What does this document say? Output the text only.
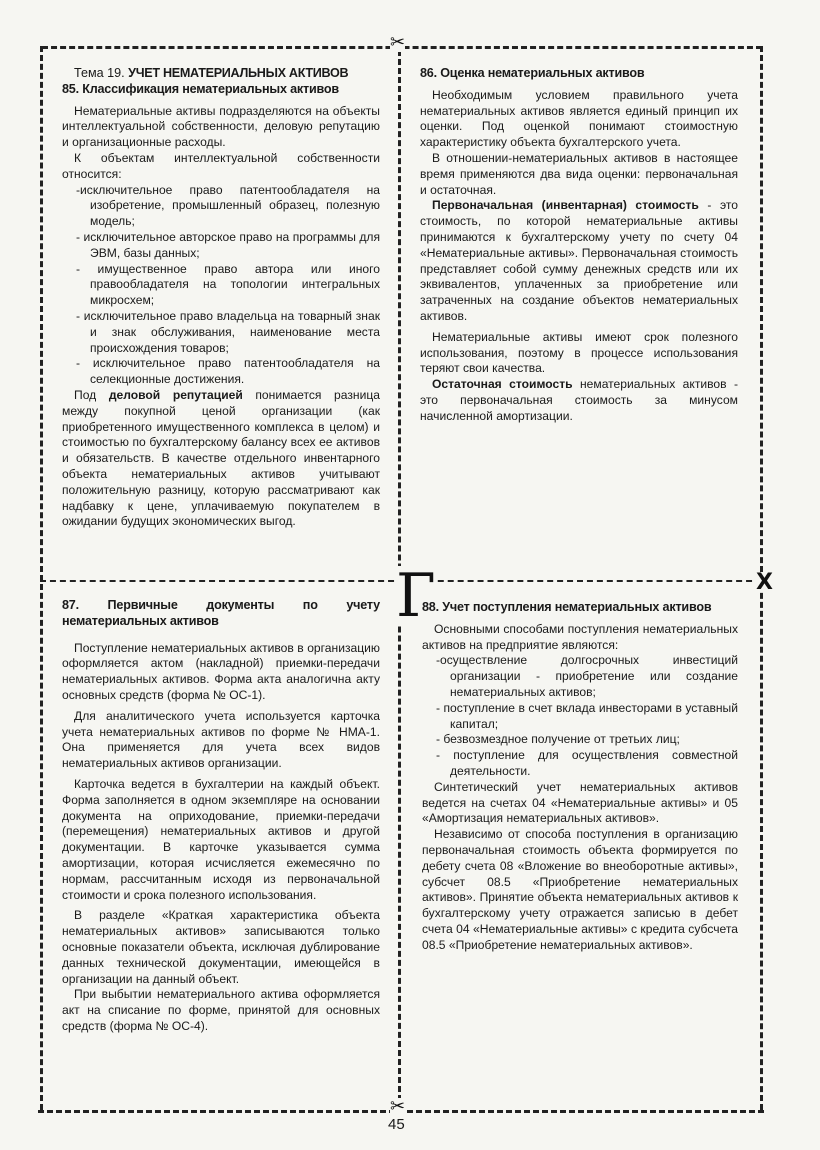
✂
✂
X
Г

Тема 19. УЧЕТ НЕМАТЕРИАЛЬНЫХ АКТИВОВ

85. Классификация нематериальных активов

Нематериальные активы подразделяются на объекты интеллектуальной собственности, деловую репутацию и организационные расходы.

К объектам интеллектуальной собственности относится:

-исключительное право патентообладателя на изобретение, промышленный образец, полезную модель;
- исключительное авторское право на программы для ЭВМ, базы данных;
- имущественное право автора или иного правообладателя на топологии интегральных микросхем;
- исключительное право владельца на товарный знак и знак обслуживания, наименование места происхождения товаров;
- исключительное право патентообладателя на селекционные достижения.

Под деловой репутацией понимается разница между покупной ценой организации (как приобретенного имущественного комплекса в целом) и стоимостью по бухгалтерскому балансу всех ее активов и обязательств. В качестве отдельного инвентарного объекта нематериальных активов учитывают положительную разницу, которую рассматривают как надбавку к цене, уплачиваемую покупателем в ожидании будущих экономических выгод.

86. Оценка нематериальных активов

Необходимым условием правильного учета нематериальных активов является единый принцип их оценки. Под оценкой понимают стоимостную характеристику объекта бухгалтерского учета.

В отношении-нематериальных активов в настоящее время применяются два вида оценки: первоначальная и остаточная.

Первоначальная (инвентарная) стоимость - это стоимость, по которой нематериальные активы принимаются к бухгалтерскому учету по счету 04 «Нематериальные активы». Первоначальная стоимость представляет собой сумму денежных средств или их эквивалентов, уплаченных за приобретение или затраченных на создание объектов нематериальных активов.

Нематериальные активы имеют срок полезного использования, поэтому в процессе использования теряют свои качества.

Остаточная стоимость нематериальных активов - это первоначальная стоимость за минусом начисленной амортизации.

87. Первичные документы по учету нематериальных активов

Поступление нематериальных активов в организацию оформляется актом (накладной) приемки-передачи нематериальных активов. Форма акта аналогична акту основных средств (форма № ОС-1).

Для аналитического учета используется карточка учета нематериальных активов по форме № НМА-1. Она применяется для учета всех видов нематериальных активов организации.

Карточка ведется в бухгалтерии на каждый объект. Форма заполняется в одном экземпляре на основании документа на оприходование, приемки-передачи (перемещения) нематериальных активов и другой документации. В карточке указывается сумма амортизации, которая исчисляется ежемесячно по нормам, рассчитанным исходя из первоначальной стоимости и срока полезного использования.

В разделе «Краткая характеристика объекта нематериальных активов» записываются только основные показатели объекта, исключая дублирование данных технической документации, имеющейся в организации на данный объект.

При выбытии нематериального актива оформляется акт на списание по форме, принятой для основных средств (форма № ОС-4).

88. Учет поступления нематериальных активов

Основными способами поступления нематериальных активов на предприятие являются:

-осуществление долгосрочных инвестиций организации - приобретение или создание нематериальных активов;
- поступление в счет вклада инвесторами в уставный капитал;
- безвозмездное получение от третьих лиц;
- поступление для осуществления совместной деятельности.

Синтетический учет нематериальных активов ведется на счетах 04 «Нематериальные активы» и 05 «Амортизация нематериальных активов».

Независимо от способа поступления в организацию первоначальная стоимость объекта формируется по дебету счета 08 «Вложение во внеоборотные активы», субсчет 08.5 «Приобретение нематериальных активов». Принятие объекта нематериальных активов к бухгалтерскому учету отражается записью в дебет счета 04 «Нематериальные активы» с кредита субсчета 08.5 «Приобретение нематериальных активов».

45
